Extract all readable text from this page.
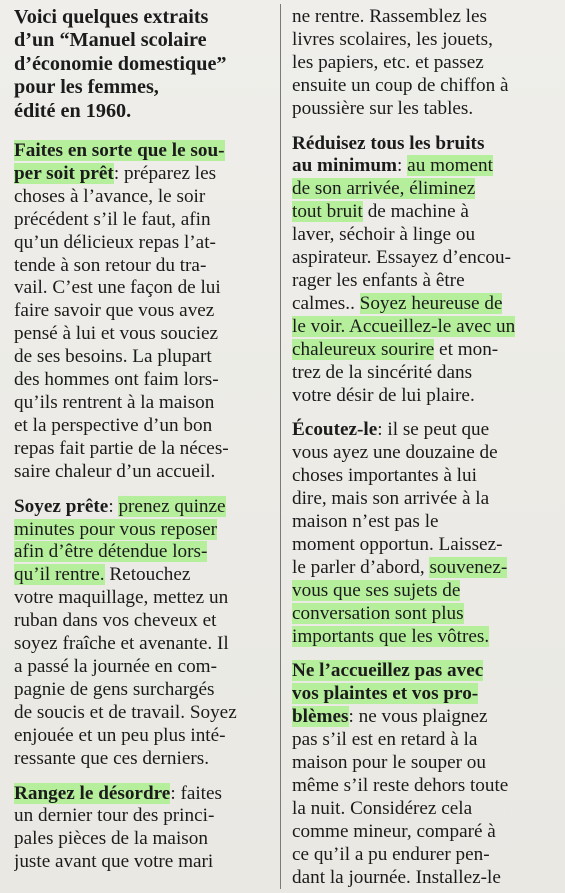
Voici quelques extraits
d’un “Manuel scolaire
d’économie domestique”
pour les femmes,
édité en 1960.

Faites en sorte que le sou-
per soit prêt: préparez les
choses à l’avance, le soir
précédent s’il le faut, afin
qu’un délicieux repas l’at-
tende à son retour du tra-
vail. C’est une façon de lui
faire savoir que vous avez
pensé à lui et vous souciez
de ses besoins. La plupart
des hommes ont faim lors-
qu’ils rentrent à la maison
et la perspective d’un bon
repas fait partie de la néces-
saire chaleur d’un accueil.

Soyez prête: prenez quinze
minutes pour vous reposer
afin d’être détendue lors-
qu’il rentre. Retouchez
votre maquillage, mettez un
ruban dans vos cheveux et
soyez fraîche et avenante. Il
a passé la journée en com-
pagnie de gens surchargés
de soucis et de travail. Soyez
enjouée et un peu plus inté-
ressante que ces derniers.

Rangez le désordre: faites
un dernier tour des princi-
pales pièces de la maison
juste avant que votre mari

ne rentre. Rassemblez les
livres scolaires, les jouets,
les papiers, etc. et passez
ensuite un coup de chiffon à
poussière sur les tables.

Réduisez tous les bruits
au minimum: au moment
de son arrivée, éliminez
tout bruit de machine à
laver, séchoir à linge ou
aspirateur. Essayez d’encou-
rager les enfants à être
calmes.. Soyez heureuse de
le voir. Accueillez-le avec un
chaleureux sourire et mon-
trez de la sincérité dans
votre désir de lui plaire.

Écoutez-le: il se peut que
vous ayez une douzaine de
choses importantes à lui
dire, mais son arrivée à la
maison n’est pas le
moment opportun. Laissez-
le parler d’abord, souvenez-
vous que ses sujets de
conversation sont plus
importants que les vôtres.

Ne l’accueillez pas avec
vos plaintes et vos pro-
blèmes: ne vous plaignez
pas s’il est en retard à la
maison pour le souper ou
même s’il reste dehors toute
la nuit. Considérez cela
comme mineur, comparé à
ce qu’il a pu endurer pen-
dant la journée. Installez-le
